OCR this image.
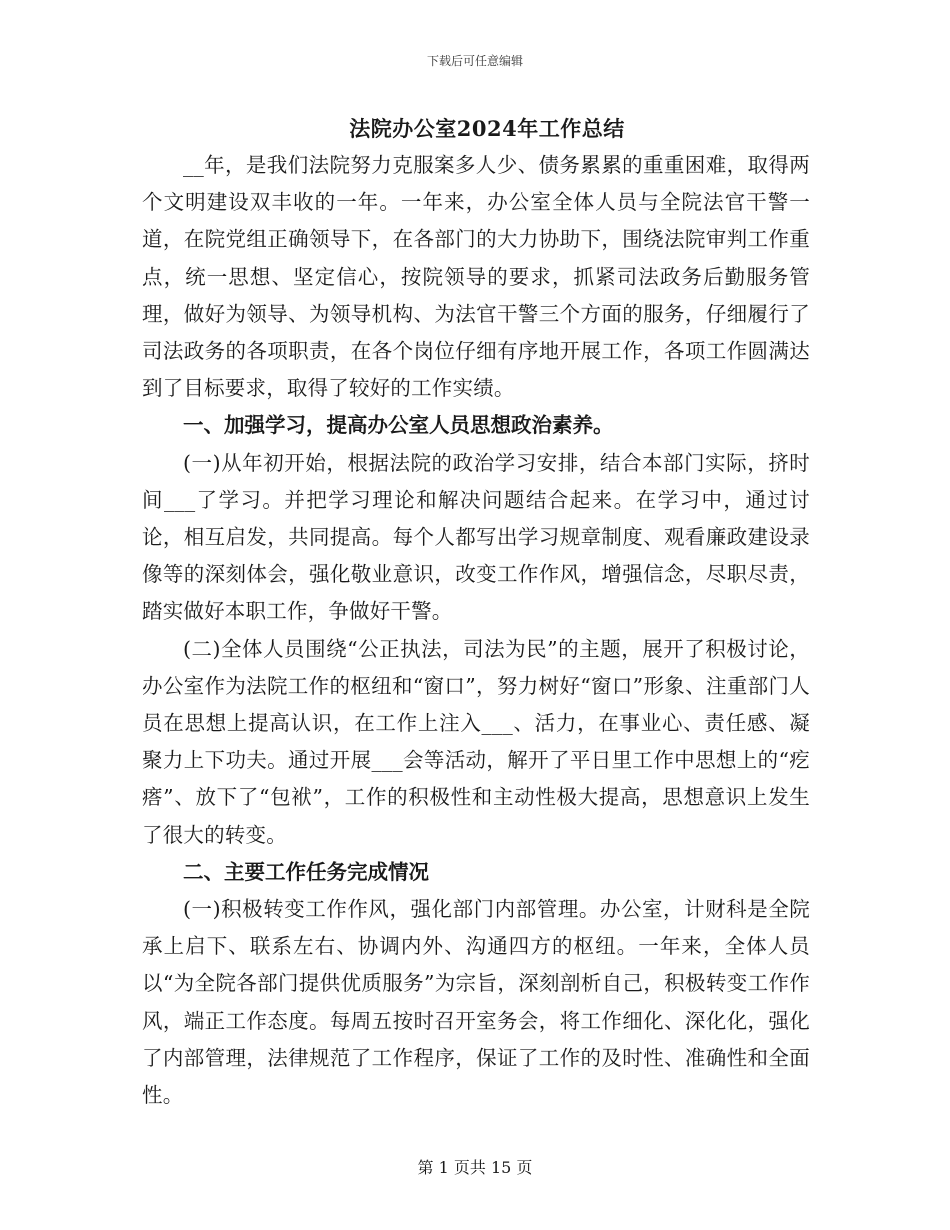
下载后可任意编辑
法院办公室2024年工作总结

__年，是我们法院努力克服案多人少、债务累累的重重困难，取得两个文明建设双丰收的一年。一年来，办公室全体人员与全院法官干警一道，在院党组正确领导下，在各部门的大力协助下，围绕法院审判工作重点，统一思想、坚定信心，按院领导的要求，抓紧司法政务后勤服务管理，做好为领导、为领导机构、为法官干警三个方面的服务，仔细履行了司法政务的各项职责，在各个岗位仔细有序地开展工作，各项工作圆满达到了目标要求，取得了较好的工作实绩。

一、加强学习，提高办公室人员思想政治素养。

(一)从年初开始，根据法院的政治学习安排，结合本部门实际，挤时间___了学习。并把学习理论和解决问题结合起来。在学习中，通过讨论，相互启发，共同提高。每个人都写出学习规章制度、观看廉政建设录像等的深刻体会，强化敬业意识，改变工作作风，增强信念，尽职尽责，踏实做好本职工作，争做好干警。

(二)全体人员围绕“公正执法，司法为民”的主题，展开了积极讨论，办公室作为法院工作的枢纽和“窗口”，努力树好“窗口”形象、注重部门人员在思想上提高认识，在工作上注入___、活力，在事业心、责任感、凝聚力上下功夫。通过开展___会等活动，解开了平日里工作中思想上的“疙瘩”、放下了“包袱”，工作的积极性和主动性极大提高，思想意识上发生了很大的转变。

二、主要工作任务完成情况

(一)积极转变工作作风，强化部门内部管理。办公室，计财科是全院承上启下、联系左右、协调内外、沟通四方的枢纽。一年来，全体人员以“为全院各部门提供优质服务”为宗旨，深刻剖析自己，积极转变工作作风，端正工作态度。每周五按时召开室务会，将工作细化、深化化，强化了内部管理，法律规范了工作程序，保证了工作的及时性、准确性和全面性。

第 1 页共 15 页
